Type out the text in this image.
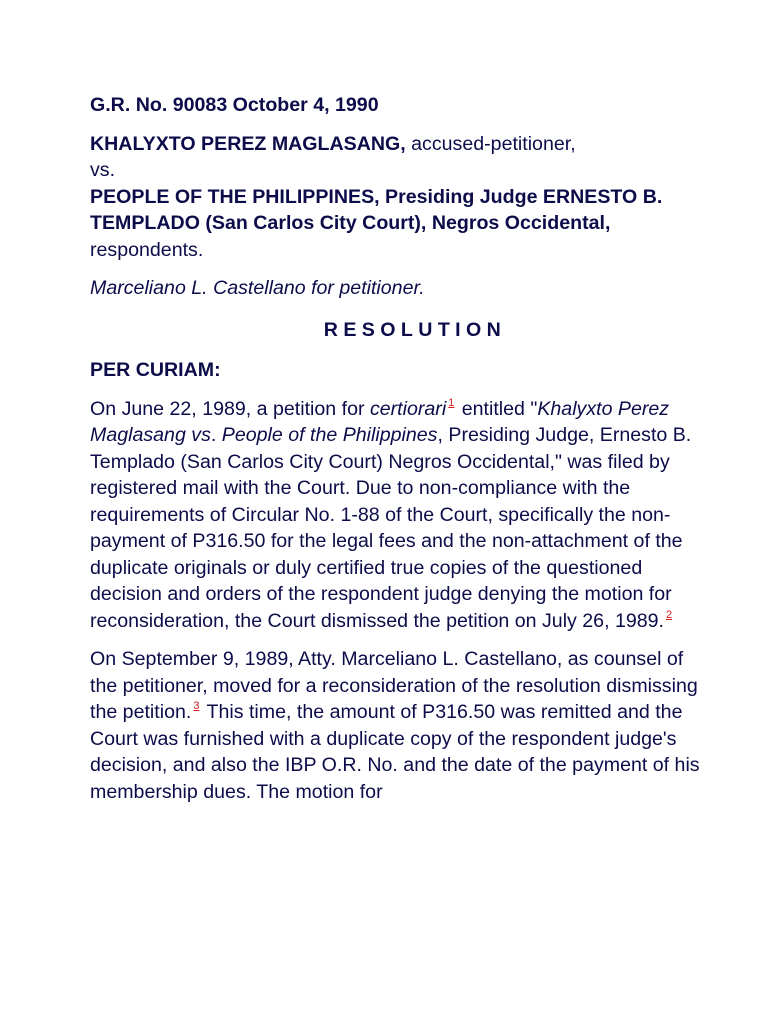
G.R. No. 90083 October 4, 1990

KHALYXTO PEREZ MAGLASANG, accused-petitioner,
vs.
PEOPLE OF THE PHILIPPINES, Presiding Judge ERNESTO B. TEMPLADO (San Carlos City Court), Negros Occidental, respondents.

Marceliano L. Castellano for petitioner.

RESOLUTION

PER CURIAM:

On June 22, 1989, a petition for certiorari $^1$ entitled "Khalyxto Perez Maglasang vs. People of the Philippines, Presiding Judge, Ernesto B. Templado (San Carlos City Court) Negros Occidental," was filed by registered mail with the Court. Due to non-compliance with the requirements of Circular No. 1-88 of the Court, specifically the non- payment of P316.50 for the legal fees and the non-attachment of the duplicate originals or duly certified true copies of the questioned decision and orders of the respondent judge denying the motion for reconsideration, the Court dismissed the petition on July 26, 1989. $^2$

On September 9, 1989, Atty. Marceliano L. Castellano, as counsel of the petitioner, moved for a reconsideration of the resolution dismissing the petition. $^3$ This time, the amount of P316.50 was remitted and the Court was furnished with a duplicate copy of the respondent judge's decision, and also the IBP O.R. No. and the date of the payment of his membership dues. The motion for
